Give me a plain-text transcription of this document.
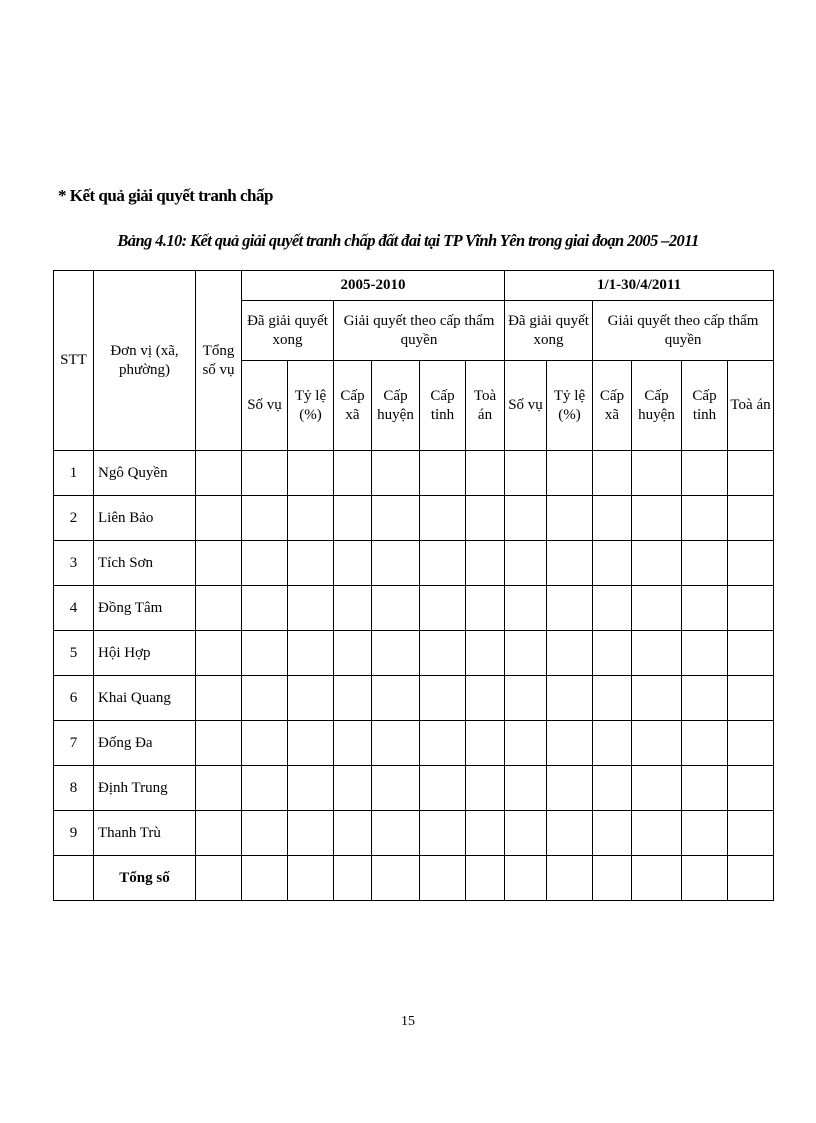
* Kết quả giải quyết tranh chấp
Bảng 4.10: Kết quả giải quyết tranh chấp đất đai tại TP Vĩnh Yên trong giai đoạn 2005 –2011
STT	Đơn vị (xã, phường)	Tổng số vụ	2005-2010						1/1-30/4/2011					
			Đã giải quyết xong		Giải quyết theo cấp thẩm quyền				Đã giải quyết xong		Giải quyết theo cấp thẩm quyền			
			Số vụ	Tỷ lệ (%)	Cấp xã	Cấp huyện	Cấp tỉnh	Toà án	Số vụ	Tỷ lệ (%)	Cấp xã	Cấp huyện	Cấp tỉnh	Toà án
1	Ngô Quyền													
2	Liên Bảo													
3	Tích Sơn													
4	Đồng Tâm													
5	Hội Hợp													
6	Khai Quang													
7	Đống Đa													
8	Định Trung													
9	Thanh Trù													
	Tổng số													
15
